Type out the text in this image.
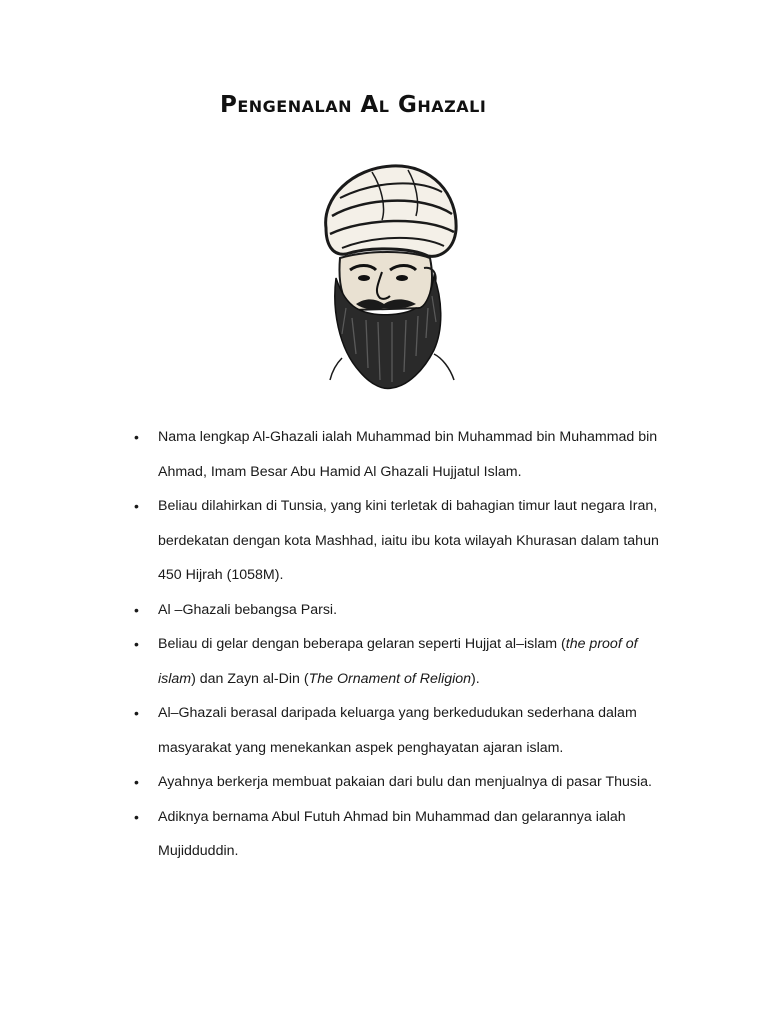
Pengenalan Al Ghazali
• Nama lengkap Al-Ghazali ialah Muhammad bin Muhammad bin Muhammad bin Ahmad, Imam Besar Abu Hamid Al Ghazali Hujjatul Islam.
• Beliau dilahirkan di Tunsia, yang kini terletak di bahagian timur laut negara Iran, berdekatan dengan kota Mashhad, iaitu ibu kota wilayah Khurasan dalam tahun 450 Hijrah (1058M).
• Al –Ghazali bebangsa Parsi.
• Beliau di gelar dengan beberapa gelaran seperti Hujjat al–islam (the proof of islam) dan Zayn al-Din (The Ornament of Religion).
• Al–Ghazali berasal daripada keluarga yang berkedudukan sederhana dalam masyarakat yang menekankan aspek penghayatan ajaran islam.
• Ayahnya berkerja membuat pakaian dari bulu dan menjualnya di pasar Thusia.
• Adiknya bernama Abul Futuh Ahmad bin Muhammad dan gelarannya ialah Mujidduddin.
